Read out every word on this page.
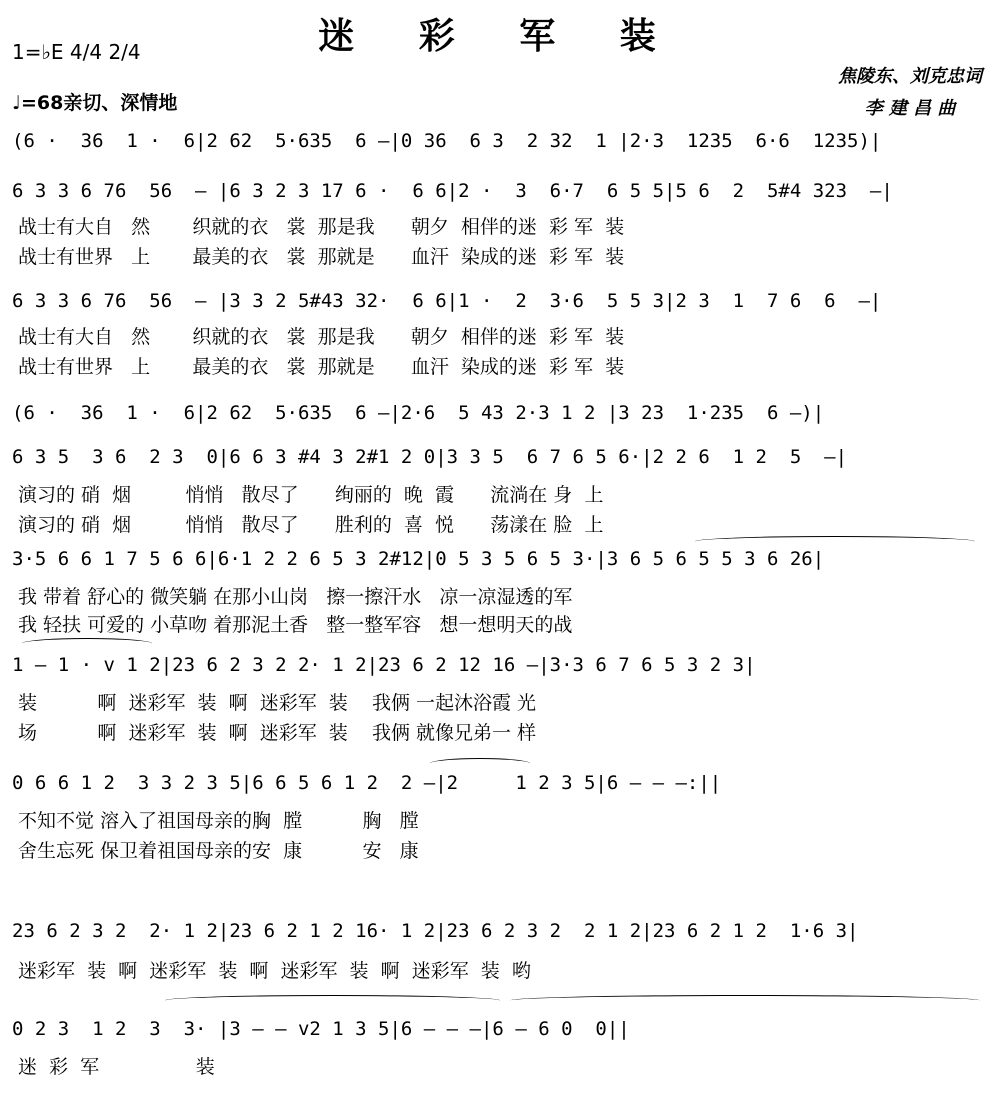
迷 彩 军 装
1=♭E 4/4 2/4
♩=68亲切、深情地
焦陵东、刘克忠词
李 建 昌 曲
(6 ·  36  1 ·  6|2 62  5·635  6 —|0 36  6 3  2 32  1 |2·3  1235  6·6  1235)|
6 3 3 6 76  56  — |6 3 2 3 17 6 ·  6 6|2 ·  3  6·7  6 5 5|5 6  2  5#4 323  —|
战士有大自   然       织就的衣   裳  那是我      朝夕  相伴的迷  彩 军  装
战士有世界   上       最美的衣   裳  那就是      血汗  染成的迷  彩 军  装
6 3 3 6 76  56  — |3 3 2 5#43 32·  6 6|1 ·  2  3·6  5 5 3|2 3  1  7 6  6  —|
战士有大自   然       织就的衣   裳  那是我      朝夕  相伴的迷  彩 军  装
战士有世界   上       最美的衣   裳  那就是      血汗  染成的迷  彩 军  装
(6 ·  36  1 ·  6|2 62  5·635  6 —|2·6  5 43 2·3 1 2 |3 23  1·235  6 —)|
6 3 5  3 6  2 3  0|6 6 3 #4 3 2#1 2 0|3 3 5  6 7 6 5 6·|2 2 6  1 2  5  —|
演习的 硝  烟         悄悄   散尽了      绚丽的  晚  霞      流淌在 身  上
演习的 硝  烟         悄悄   散尽了      胜利的  喜  悦      荡漾在 脸  上
3·5 6 6 1 7 5 6 6|6·1 2 2 6 5 3 2#12|0 5 3 5 6 5 3·|3 6 5 6 5 5 3 6 26|
我 带着 舒心的 微笑躺 在那小山岗   擦一擦汗水   凉一凉湿透的军
我 轻扶 可爱的 小草吻 着那泥土香   整一整军容   想一想明天的战
1 — 1 · v 1 2|23 6 2 3 2 2· 1 2|23 6 2 12 16 —|3·3 6 7 6 5 3 2 3|
装          啊  迷彩军  装  啊  迷彩军  装    我俩 一起沐浴霞 光
场          啊  迷彩军  装  啊  迷彩军  装    我俩 就像兄弟一 样
0 6 6 1 2  3 3 2 3 5|6 6 5 6 1 2  2 —|2     1 2 3 5|6 — — —:||
不知不觉 溶入了祖国母亲的胸  膛          胸   膛
舍生忘死 保卫着祖国母亲的安  康          安   康
23 6 2 3 2  2· 1 2|23 6 2 1 2 16· 1 2|23 6 2 3 2  2 1 2|23 6 2 1 2  1·6 3|
迷彩军  装  啊  迷彩军  装  啊  迷彩军  装  啊  迷彩军  装  哟
0 2 3  1 2  3  3· |3 — — v2 1 3 5|6 — — —|6 — 6 0  0||
迷  彩  军                装
